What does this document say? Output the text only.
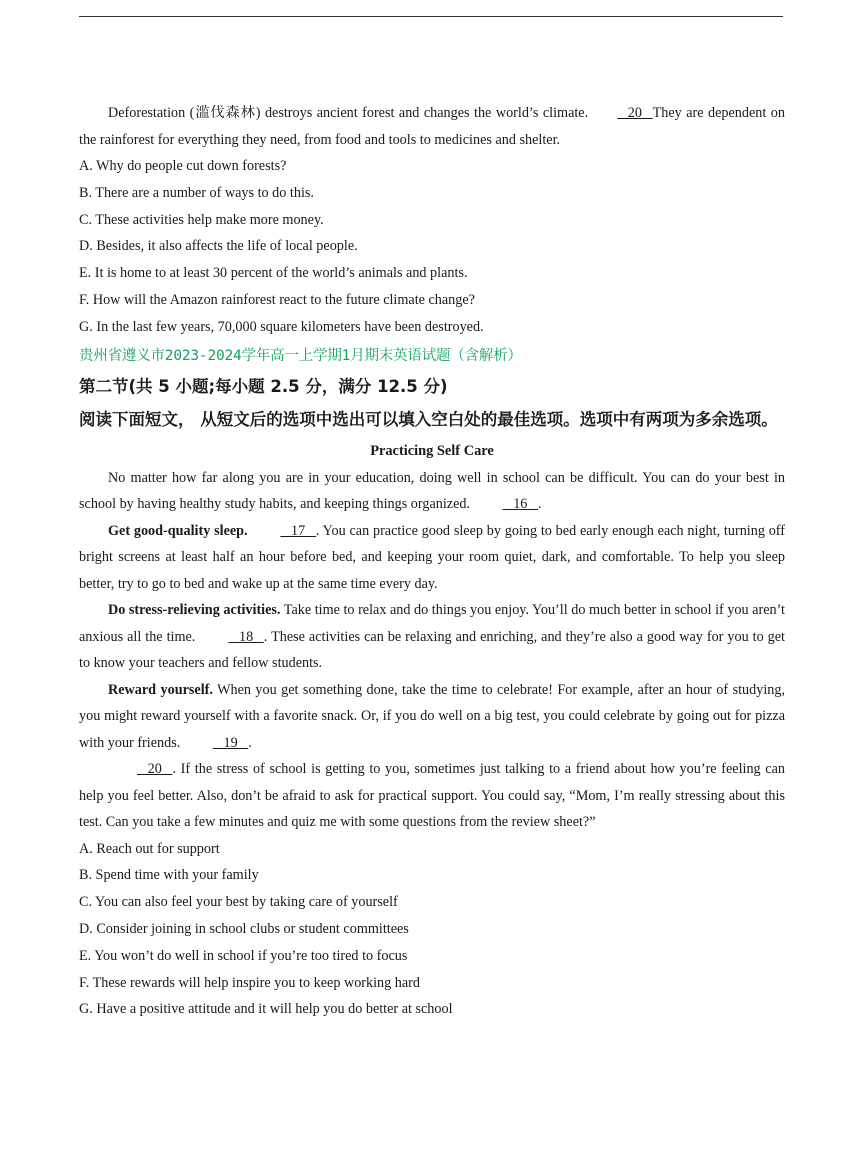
Deforestation (滥伐森林) destroys ancient forest and changes the world’s climate.   20   They are dependent on the rainforest for everything they need, from food and tools to medicines and shelter.

A. Why do people cut down forests?

B. There are a number of ways to do this.

C. These activities help make more money.

D. Besides, it also affects the life of local people.

E. It is home to at least 30 percent of the world’s animals and plants.

F. How will the Amazon rainforest react to the future climate change?

G. In the last few years, 70,000 square kilometers have been destroyed.

贵州省遵义市2023-2024学年高一上学期1月期末英语试题（含解析）

第二节(共 5 小题;每小题 2.5 分，满分 12.5 分)

阅读下面短文， 从短文后的选项中选出可以填入空白处的最佳选项。选项中有两项为多余选项。

Practicing Self Care

No matter how far along you are in your education, doing well in school can be difficult. You can do your best in school by having healthy study habits, and keeping things organized.    16   .

Get good-quality sleep.    17   . You can practice good sleep by going to bed early enough each night, turning off bright screens at least half an hour before bed, and keeping your room quiet, dark, and comfortable. To help you sleep better, try to go to bed and wake up at the same time every day.

Do stress-relieving activities. Take time to relax and do things you enjoy. You’ll do much better in school if you aren’t anxious all the time.    18   . These activities can be relaxing and enriching, and they’re also a good way for you to get to know your teachers and fellow students.

Reward yourself. When you get something done, take the time to celebrate! For example, after an hour of studying, you might reward yourself with a favorite snack. Or, if you do well on a big test, you could celebrate by going out for pizza with your friends.    19   .

20   . If the stress of school is getting to you, sometimes just talking to a friend about how you’re feeling can help you feel better. Also, don’t be afraid to ask for practical support. You could say, “Mom, I’m really stressing about this test. Can you take a few minutes and quiz me with some questions from the review sheet?”

A. Reach out for support

B. Spend time with your family

C. You can also feel your best by taking care of yourself

D. Consider joining in school clubs or student committees

E. You won’t do well in school if you’re too tired to focus

F. These rewards will help inspire you to keep working hard

G. Have a positive attitude and it will help you do better at school
